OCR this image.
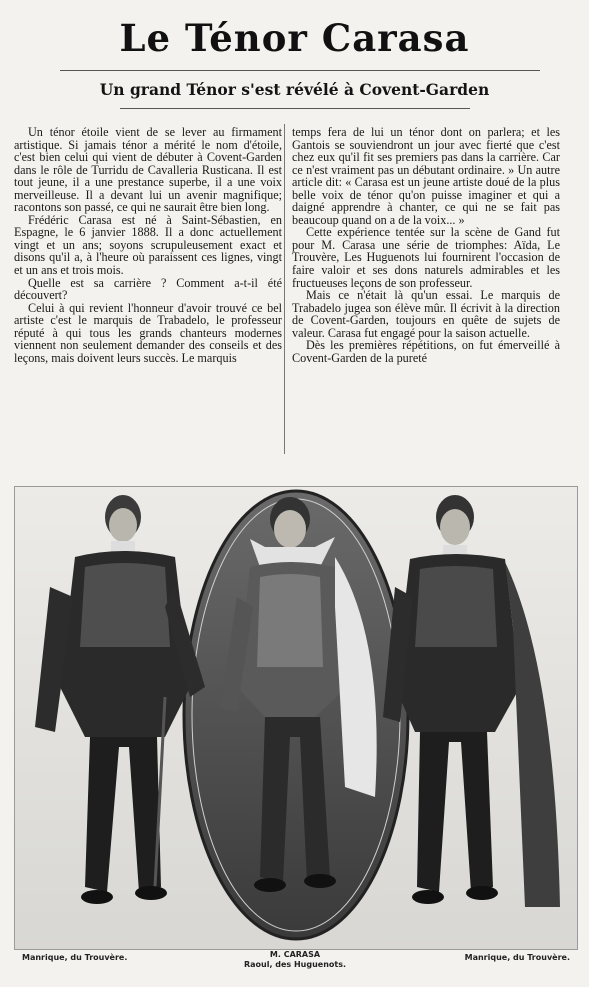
Le Ténor Carasa
Un grand Ténor s'est révélé à Covent-Garden

Un ténor étoile vient de se lever au firmament artistique. Si jamais ténor a mérité le nom d'étoile, c'est bien celui qui vient de débuter à Covent-Garden dans le rôle de Turridu de Cavalleria Rusticana. Il est tout jeune, il a une prestance superbe, il a une voix merveilleuse. Il a devant lui un avenir magnifique; racontons son passé, ce qui ne saurait être bien long.

Frédéric Carasa est né à Saint-Sébastien, en Espagne, le 6 janvier 1888. Il a donc actuellement vingt et un ans; soyons scrupuleusement exact et disons qu'il a, à l'heure où paraissent ces lignes, vingt et un ans et trois mois.

Quelle est sa carrière ? Comment a-t-il été découvert?

Celui à qui revient l'honneur d'avoir trouvé ce bel artiste c'est le marquis de Trabadelo, le professeur réputé à qui tous les grands chanteurs modernes viennent non seulement demander des conseils et des leçons, mais doivent leurs succès. Le marquis

temps fera de lui un ténor dont on parlera; et les Gantois se souviendront un jour avec fierté que c'est chez eux qu'il fit ses premiers pas dans la carrière. Car ce n'est vraiment pas un débutant ordinaire. » Un autre article dit: « Carasa est un jeune artiste doué de la plus belle voix de ténor qu'on puisse imaginer et qui a daigné apprendre à chanter, ce qui ne se fait pas beaucoup quand on a de la voix... »

Cette expérience tentée sur la scène de Gand fut pour M. Carasa une série de triomphes: Aïda, Le Trouvère, Les Huguenots lui fournirent l'occasion de faire valoir et ses dons naturels admirables et les fructueuses leçons de son professeur.

Mais ce n'était là qu'un essai. Le marquis de Trabadelo jugea son élève mûr. Il écrivit à la direction de Covent-Garden, toujours en quête de sujets de valeur. Carasa fut engagé pour la saison actuelle.

Dès les premières répétitions, on fut émerveillé à Covent-Garden de la pureté

Manrique, du Trouvère.	M. CARASA
Raoul, des Huguenots.
Manrique, du Trouvère.
